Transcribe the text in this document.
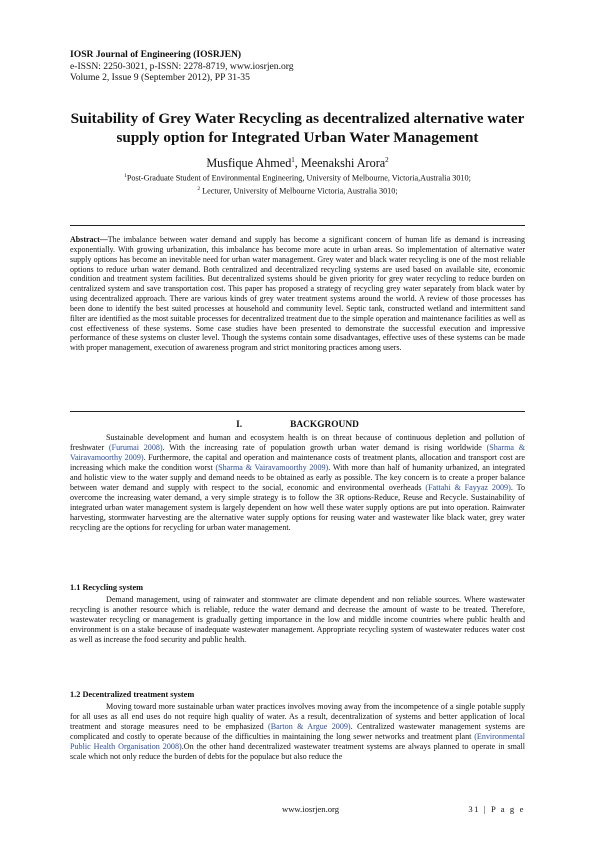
IOSR Journal of Engineering (IOSRJEN)
e-ISSN: 2250-3021, p-ISSN: 2278-8719, www.iosrjen.org
Volume 2, Issue 9 (September 2012), PP 31-35
Suitability of Grey Water Recycling as decentralized alternative water supply option for Integrated Urban Water Management
Musfique Ahmed$^1$, Meenakshi Arora$^2$
$^1$Post-Graduate Student of Environmental Engineering, University of Melbourne, Victoria,Australia 3010;
$^2$ Lecturer, University of Melbourne Victoria, Australia 3010;
Abstract—The imbalance between water demand and supply has become a significant concern of human life as demand is increasing exponentially. With growing urbanization, this imbalance has become more acute in urban areas. So implementation of alternative water supply options has become an inevitable need for urban water management. Grey water and black water recycling is one of the most reliable options to reduce urban water demand. Both centralized and decentralized recycling systems are used based on available site, economic condition and treatment system facilities. But decentralized systems should be given priority for grey water recycling to reduce burden on centralized system and save transportation cost. This paper has proposed a strategy of recycling grey water separately from black water by using decentralized approach. There are various kinds of grey water treatment systems around the world. A review of those processes has been done to identify the best suited processes at household and community level. Septic tank, constructed wetland and intermittent sand filter are identified as the most suitable processes for decentralized treatment due to the simple operation and maintenance facilities as well as cost effectiveness of these systems. Some case studies have been presented to demonstrate the successful execution and impressive performance of these systems on cluster level. Though the systems contain some disadvantages, effective uses of these systems can be made with proper management, execution of awareness program and strict monitoring practices among users.
I.	BACKGROUND
Sustainable development and human and ecosystem health is on threat because of continuous depletion and pollution of freshwater (Furumai 2008). With the increasing rate of population growth urban water demand is rising worldwide (Sharma & Vairavamoorthy 2009). Furthermore, the capital and operation and maintenance costs of treatment plants, allocation and transport cost are increasing which make the condition worst (Sharma & Vairavamoorthy 2009). With more than half of humanity urbanized, an integrated and holistic view to the water supply and demand needs to be obtained as early as possible. The key concern is to create a proper balance between water demand and supply with respect to the social, economic and environmental overheads (Fattahi & Fayyaz 2009). To overcome the increasing water demand, a very simple strategy is to follow the 3R options-Reduce, Reuse and Recycle. Sustainability of integrated urban water management system is largely dependent on how well these water supply options are put into operation. Rainwater harvesting, stormwater harvesting are the alternative water supply options for reusing water and wastewater like black water, grey water recycling are the options for recycling for urban water management.
1.1 Recycling system
Demand management, using of rainwater and stormwater are climate dependent and non reliable sources. Where wastewater recycling is another resource which is reliable, reduce the water demand and decrease the amount of waste to be treated. Therefore, wastewater recycling or management is gradually getting importance in the low and middle income countries where public health and environment is on a stake because of inadequate wastewater management. Appropriate recycling system of wastewater reduces water cost as well as increase the food security and public health.
1.2 Decentralized treatment system
Moving toward more sustainable urban water practices involves moving away from the incompetence of a single potable supply for all uses as all end uses do not require high quality of water. As a result, decentralization of systems and better application of local treatment and storage measures need to be emphasized (Barton & Argue 2009). Centralized wastewater management systems are complicated and costly to operate because of the difficulties in maintaining the long sewer networks and treatment plant (Environmental Public Health Organisation 2008).On the other hand decentralized wastewater treatment systems are always planned to operate in small scale which not only reduce the burden of debts for the populace but also reduce the
www.iosrjen.org	31 | P a g e
